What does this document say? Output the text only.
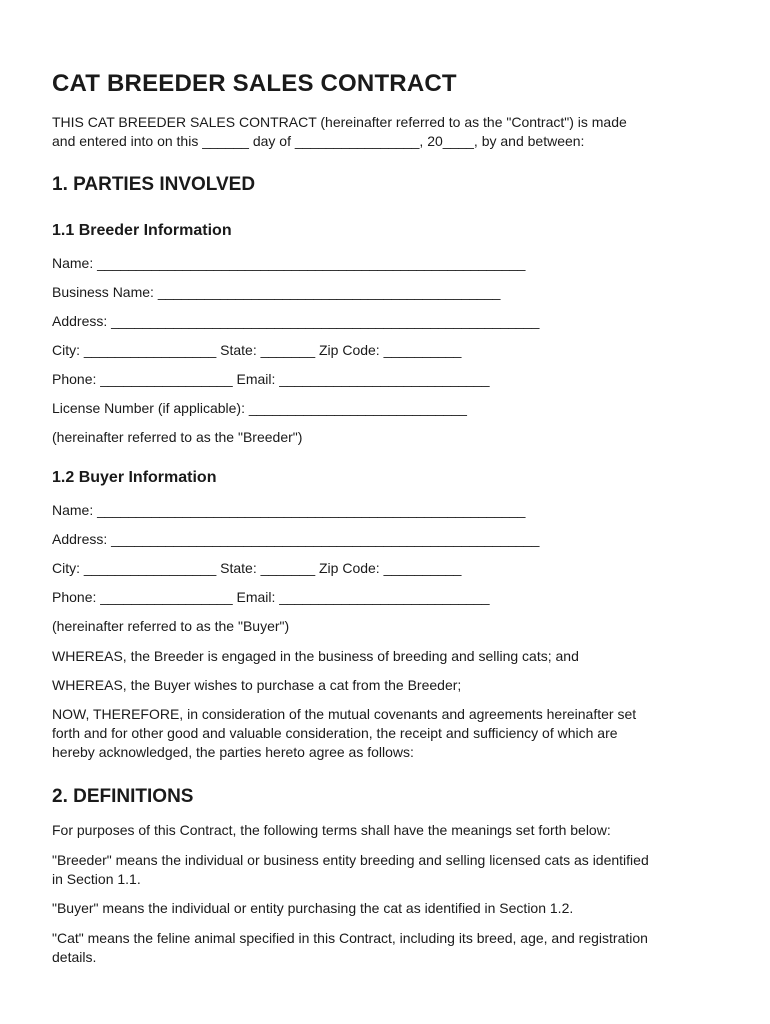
CAT BREEDER SALES CONTRACT

THIS CAT BREEDER SALES CONTRACT (hereinafter referred to as the "Contract") is made

and entered into on this ______ day of ________________, 20____, by and between:

1. PARTIES INVOLVED
1.1 Breeder Information

Name: _______________________________________________________

Business Name: ____________________________________________

Address: _______________________________________________________

City: _________________ State: _______ Zip Code: __________

Phone: _________________ Email: ___________________________

License Number (if applicable): ____________________________

(hereinafter referred to as the "Breeder")

1.2 Buyer Information

Name: _______________________________________________________

Address: _______________________________________________________

City: _________________ State: _______ Zip Code: __________

Phone: _________________ Email: ___________________________

(hereinafter referred to as the "Buyer")

WHEREAS, the Breeder is engaged in the business of breeding and selling cats; and

WHEREAS, the Buyer wishes to purchase a cat from the Breeder;

NOW, THEREFORE, in consideration of the mutual covenants and agreements hereinafter set

forth and for other good and valuable consideration, the receipt and sufficiency of which are

hereby acknowledged, the parties hereto agree as follows:

2. DEFINITIONS

For purposes of this Contract, the following terms shall have the meanings set forth below:

"Breeder" means the individual or business entity breeding and selling licensed cats as identified

in Section 1.1.

"Buyer" means the individual or entity purchasing the cat as identified in Section 1.2.

"Cat" means the feline animal specified in this Contract, including its breed, age, and registration

details.
